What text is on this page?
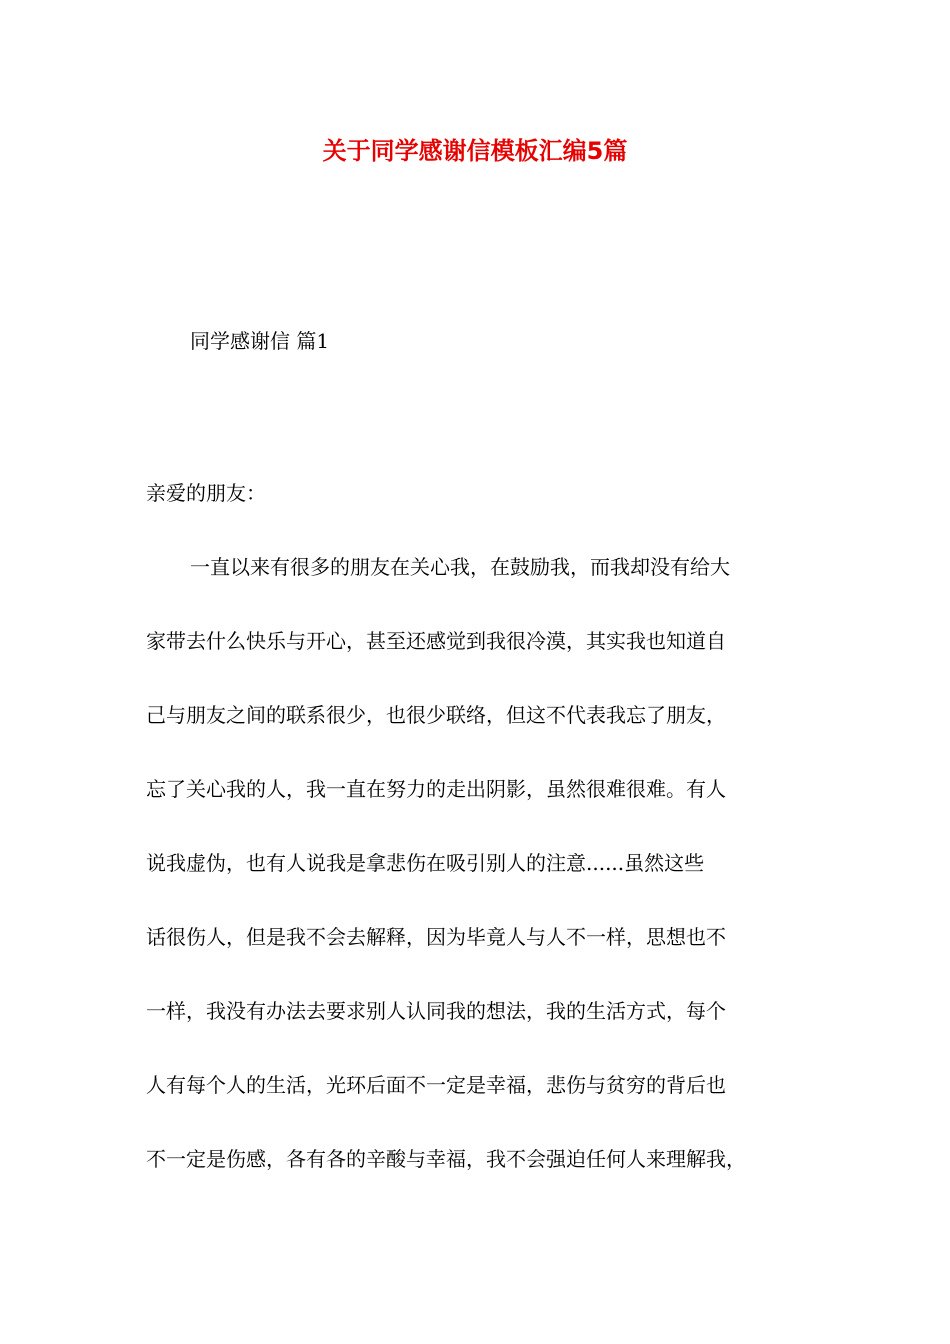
关于同学感谢信模板汇编5篇
同学感谢信 篇1
亲爱的朋友：
一直以来有很多的朋友在关心我，在鼓励我，而我却没有给大
家带去什么快乐与开心，甚至还感觉到我很冷漠，其实我也知道自
己与朋友之间的联系很少，也很少联络，但这不代表我忘了朋友，
忘了关心我的人，我一直在努力的走出阴影，虽然很难很难。有人
说我虚伪，也有人说我是拿悲伤在吸引别人的注意......虽然这些
话很伤人，但是我不会去解释，因为毕竟人与人不一样，思想也不
一样，我没有办法去要求别人认同我的想法，我的生活方式，每个
人有每个人的生活，光环后面不一定是幸福，悲伤与贫穷的背后也
不一定是伤感，各有各的辛酸与幸福，我不会强迫任何人来理解我，
